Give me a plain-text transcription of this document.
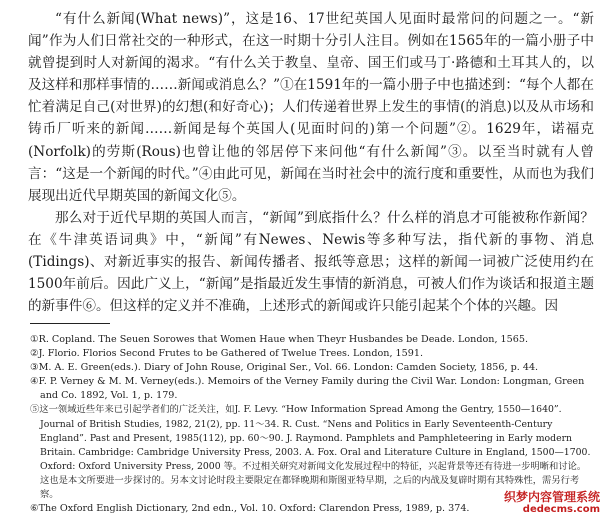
“有什么新闻(What news)”，这是16、17世纪英国人见面时最常问的问题之一。“新闻”作为人们日常社交的一种形式，在这一时期十分引人注目。例如在1565年的一篇小册子中就曾提到时人对新闻的渴求。“有什么关于教皇、皇帝、国王们或马丁·路德和土耳其人的，以及这样和那样事情的……新闻或消息么？”①在1591年的一篇小册子中也描述到：“每个人都在忙着满足自己(对世界)的幻想(和好奇心)；人们传递着世界上发生的事情(的消息)以及从市场和铸币厂听来的新闻……新闻是每个英国人(见面时问的)第一个问题”②。1629年，诺福克(Norfolk)的劳斯(Rous)也曾让他的邻居停下来问他“有什么新闻”③。以至当时就有人曾言：“这是一个新闻的时代。”④由此可见，新闻在当时社会中的流行度和重要性，从而也为我们展现出近代早期英国的新闻文化⑤。

那么对于近代早期的英国人而言，“新闻”到底指什么？什么样的消息才可能被称作新闻？在《牛津英语词典》中，“新闻”有Newes、Newis等多种写法，指代新的事物、消息(Tidings)、对新近事实的报告、新闻传播者、报纸等意思；这样的新闻一词被广泛使用约在1500年前后。因此广义上，“新闻”是指最近发生事情的新消息，可被人们作为谈话和报道主题的新事件⑥。但这样的定义并不准确，上述形式的新闻或许只能引起某个个体的兴趣。因

①R. Copland. The Seuen Sorowes that Women Haue when Theyr Husbandes be Deade. London, 1565.
②J. Florio. Florios Second Frutes to be Gathered of Twelue Trees. London, 1591.
③M. A. E. Green(eds.). Diary of John Rouse, Original Ser., Vol. 66. London: Camden Society, 1856, p. 44.
④F. P. Verney & M. M. Verney(eds.). Memoirs of the Verney Family during the Civil War. London: Longman, Green and Co. 1892, Vol. 1, p. 179.
⑤这一领域近些年来已引起学者们的广泛关注，如J. F. Levy. “How Information Spread Among the Gentry, 1550—1640”. Journal of British Studies, 1982, 21(2), pp. 11～34. R. Cust. “Nens and Politics in Early Seventeenth-Century England”. Past and Present, 1985(112), pp. 60～90. J. Raymond. Pamphlets and Pamphleteering in Early modern Britain. Cambridge: Cambridge University Press, 2003. A. Fox. Oral and Literature Culture in England, 1500—1700. Oxford: Oxford University Press, 2000 等。不过相关研究对新闻文化发展过程中的特征，兴起背景等还有待进一步明晰和讨论。这也是本文所要进一步探讨的。另本文讨论时段主要限定在都铎晚期和斯图亚特早期，之后的内战及复辟时期有其特殊性，需另行考察。
⑥The Oxford English Dictionary, 2nd edn., Vol. 10. Oxford: Clarendon Press, 1989, p. 374.
织梦内容管理系统
dedecms.com
